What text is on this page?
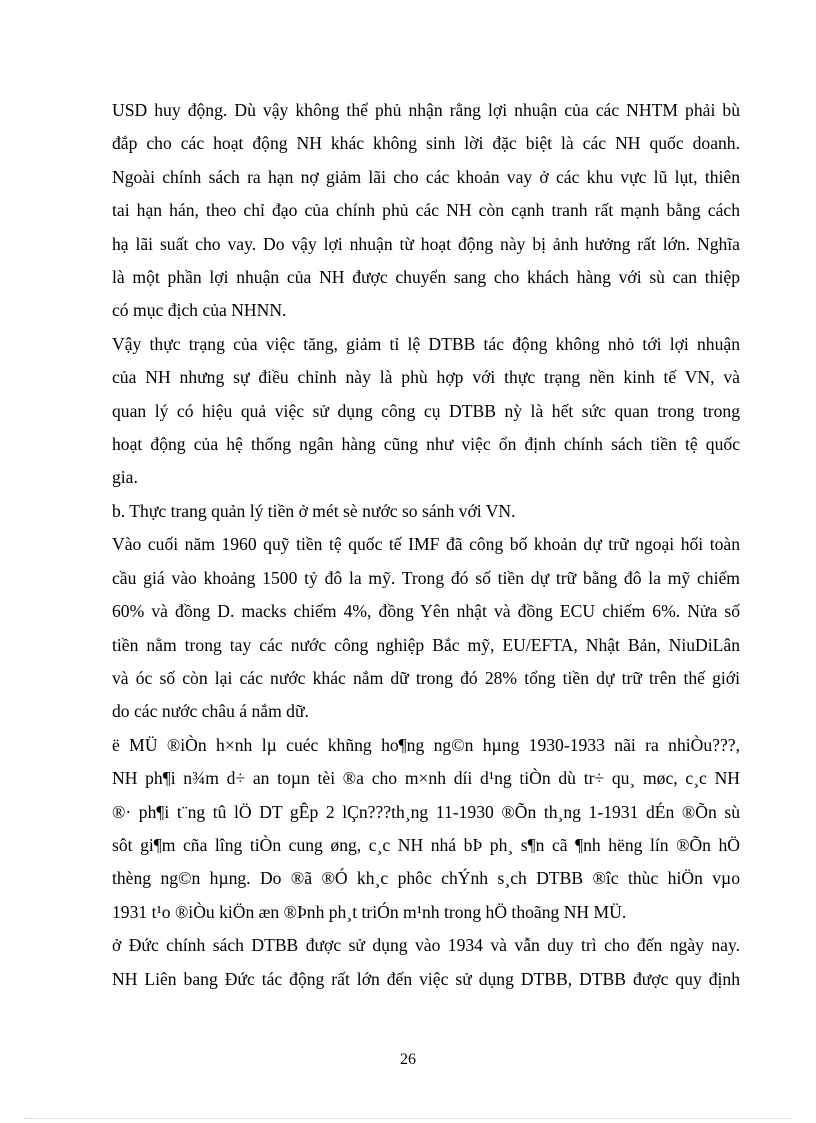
USD huy động. Dù vậy không thể phủ nhận rằng lợi nhuận của các NHTM phải bù
đắp cho các hoạt động NH khác không sinh lời đặc biệt là các NH quốc doanh.
Ngoài chính sách ra hạn nợ giảm lãi cho các khoản vay ở các khu vực lũ lụt, thiên
tai hạn hán, theo chỉ đạo của chính phủ các NH còn cạnh tranh rất mạnh bằng cách
hạ lãi suất cho vay. Do vậy lợi nhuận từ hoạt động này bị ảnh hưởng rất lớn. Nghĩa
là một phần lợi nhuận của NH được chuyển sang cho khách hàng với sù can thiệp
có mục địch của NHNN.
Vậy thực trạng của việc tăng, giảm tỉ lệ DTBB tác động không nhỏ tới lợi nhuận
của NH nhưng sự điều chỉnh này là phù hợp với thực trạng nền kinh tế VN, và
quan lý có hiệu quả việc sử dụng công cụ DTBB nỳ là hết sức quan trong trong
hoạt động của hệ thống ngân hàng cũng như việc ổn định chính sách tiền tệ quốc
gia.
b. Thực trang quản lý tiền ở mét sè nước so sánh với VN.
Vào cuối năm 1960 quỹ tiền tệ quốc tế IMF đã công bố khoản dự trữ ngoại hối toàn
cầu giá vào khoảng 1500 tỷ đô la mỹ. Trong đó số tiền dự trữ bằng đô la mỹ chiếm
60% và đồng D. macks chiếm 4%, đồng Yên nhật và đồng ECU chiếm 6%. Nửa số
tiền nằm trong tay các nước công nghiệp Bắc mỹ, EU/EFTA, Nhật Bản, NiuDiLân
và óc số còn lại các nước khác nắm dữ trong đó 28% tổng tiền dự trữ trên thế giới
do các nước châu á nắm dữ.
ë MÜ ®iÒn h×nh lµ cuéc khñng ho¶ng ng©n hµng 1930-1933 nãi ra nhiÒu???,
NH ph¶i n¾m d÷ an toµn tèi ®a cho m×nh díi d¹ng tiÒn dù tr÷ qu¸ møc, c¸c NH
®· ph¶i t¨ng tû lÖ DT gÊp 2 lÇn???th¸ng 11-1930 ®Õn th¸ng 1-1931 dÉn ®Õn sù
sôt gi¶m cña lîng tiÒn cung øng, c¸c NH nhá bÞ ph¸ s¶n cã ¶nh hëng lín ®Õn hÖ
thèng ng©n hµng. Do ®ã ®Ó kh¸c phôc chÝnh s¸ch DTBB ®îc thùc hiÖn vµo
1931 t¹o ®iÒu kiÖn æn ®Þnh ph¸t triÓn m¹nh trong hÖ thoãng NH MÜ.
ở Đức chính sách DTBB được sử dụng vào 1934 và vẫn duy trì cho đến ngày nay.
NH Liên bang Đức tác động rất lớn đến việc sử dụng DTBB, DTBB được quy định
26
